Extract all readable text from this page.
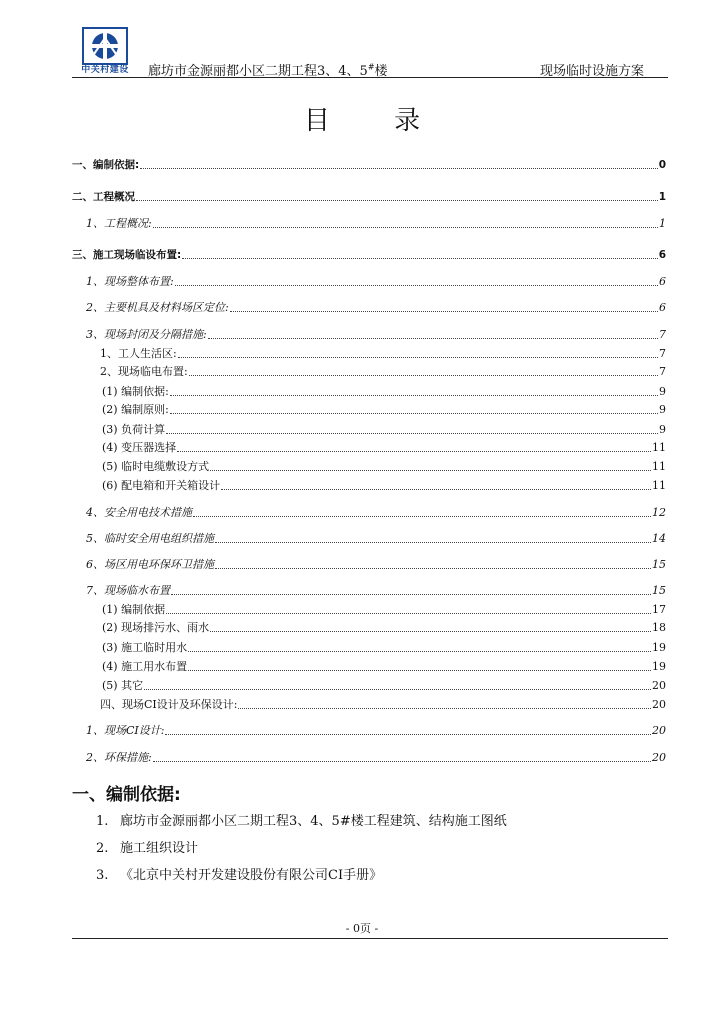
中关村建设	廊坊市金源丽都小区二期工程3、4、5#楼	现场临时设施方案
目 录
一、编制依据:	0
二、工程概况	1
1、工程概况:	1
三、施工现场临设布置:	6
1、现场整体布置:	6
2、主要机具及材料场区定位:	6
3、现场封闭及分隔措施:	7
1、工人生活区:	7
2、现场临电布置:	7
(1) 编制依据:	9
(2) 编制原则:	9
(3) 负荷计算	9
(4) 变压器选择	11
(5) 临时电缆敷设方式	11
(6) 配电箱和开关箱设计	11
4、安全用电技术措施	12
5、临时安全用电组织措施	14
6、场区用电环保环卫措施	15
7、现场临水布置	15
(1) 编制依据	17
(2) 现场排污水、雨水	18
(3) 施工临时用水	19
(4) 施工用水布置	19
(5) 其它	20
四、现场CI设计及环保设计:	20
1、现场CI设计:	20
2、环保措施:	20
一、编制依据:
1. 廊坊市金源丽都小区二期工程3、4、5#楼工程建筑、结构施工图纸
2. 施工组织设计
3. 《北京中关村开发建设股份有限公司CI手册》
- 0页 -
